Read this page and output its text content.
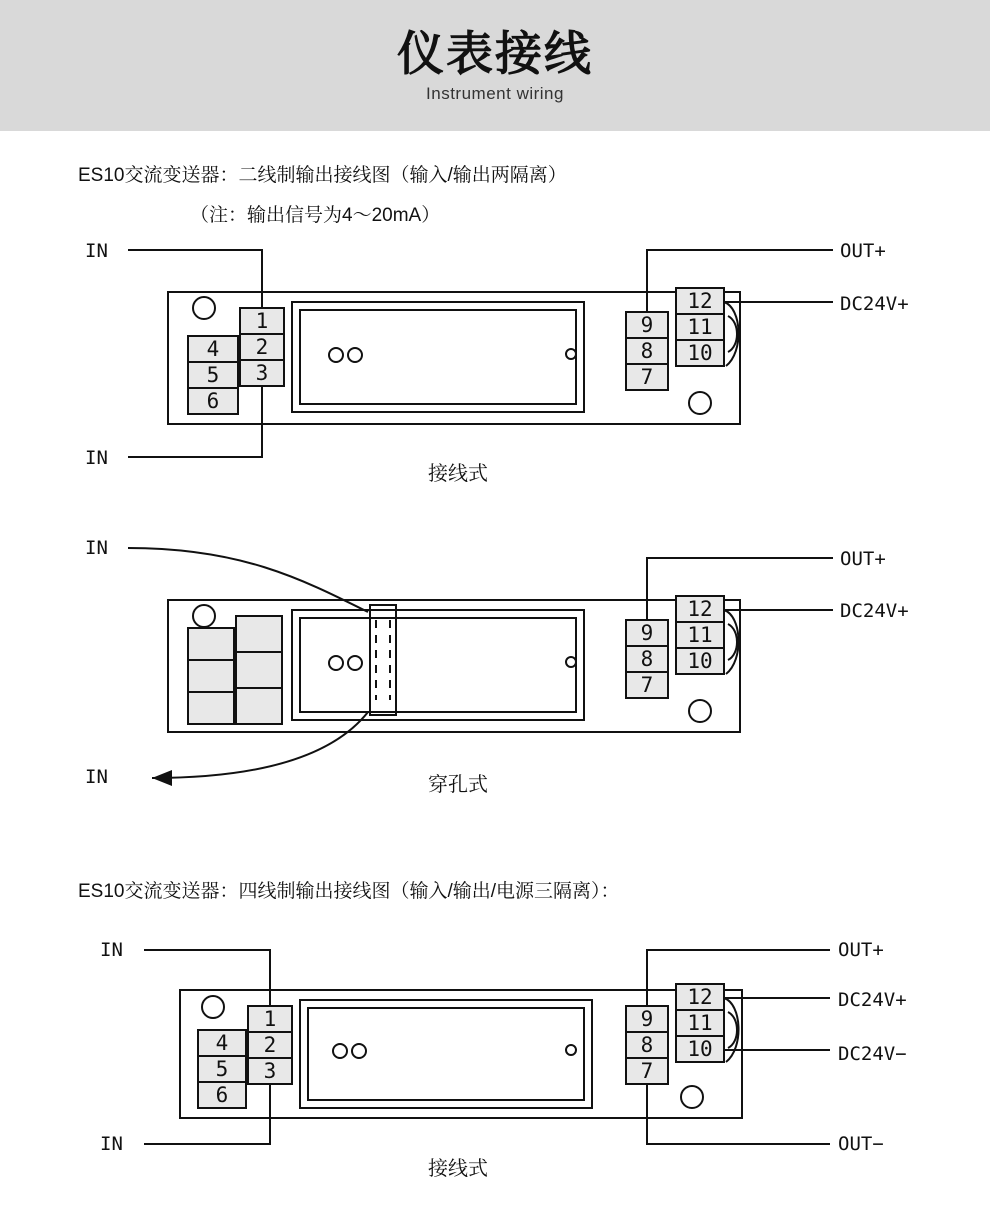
仪表接线
Instrument wiring
ES10交流变送器：二线制输出接线图（输入/输出两隔离）
（注：输出信号为4～20mA）
ES10交流变送器：四线制输出接线图（输入/输出/电源三隔离）：
IN
IN
OUT+
DC24V+
接线式
IN
IN
OUT+
DC24V+
穿孔式
IN
IN
OUT+
DC24V+
DC24V−
OUT−
接线式
4
5
6
1
2
3
9
8
7
12
11
10
9
8
7
12
11
10
4
5
6
1
2
3
9
8
7
12
11
10
